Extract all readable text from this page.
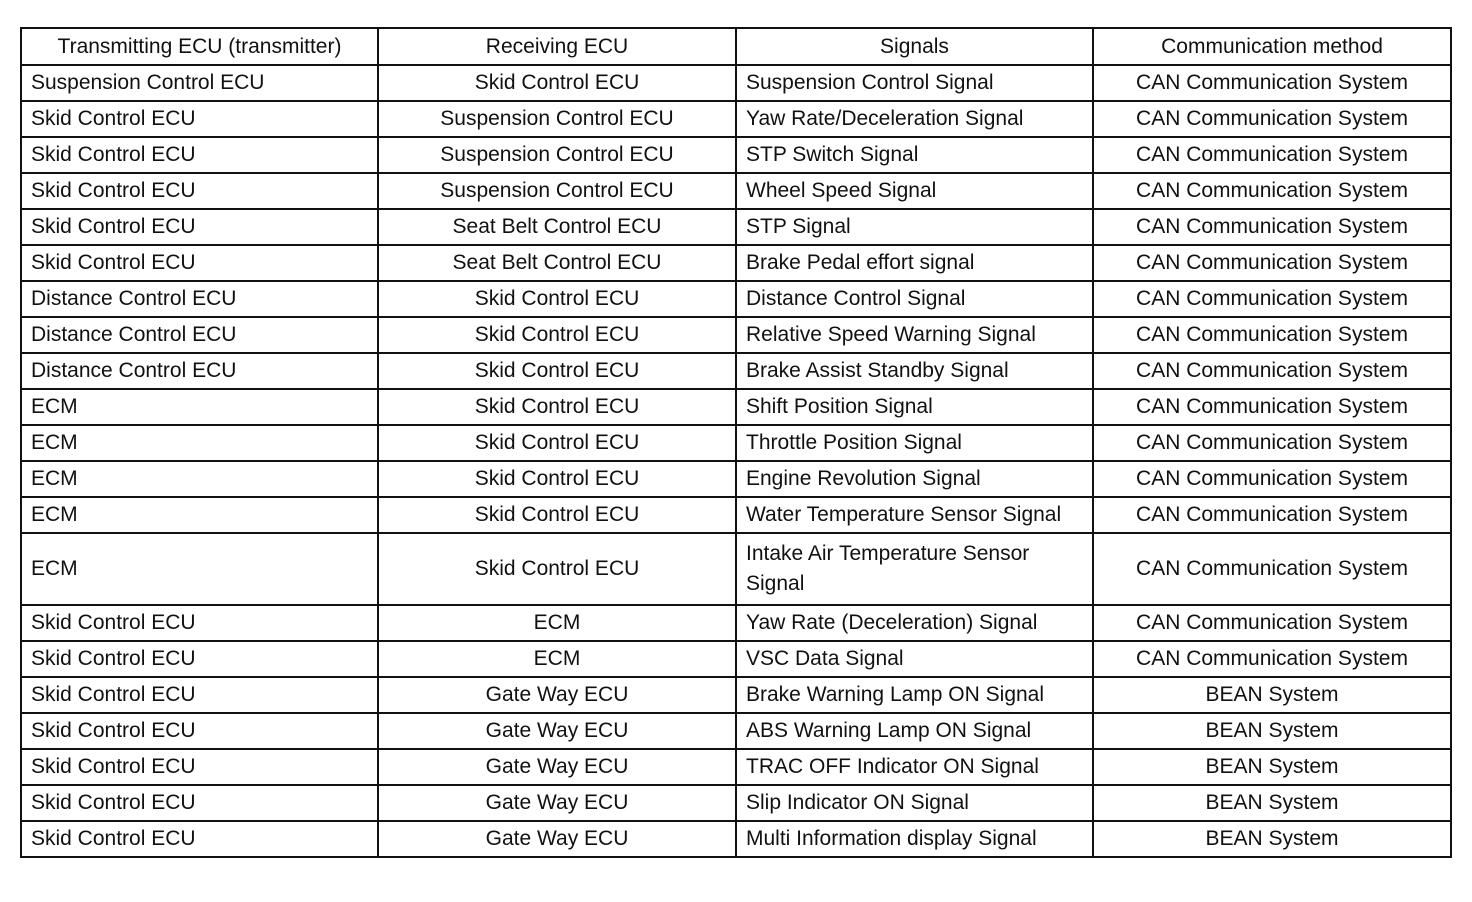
Transmitting ECU (transmitter)	Receiving ECU	Signals	Communication method
Suspension Control ECU	Skid Control ECU	Suspension Control Signal	CAN Communication System
Skid Control ECU	Suspension Control ECU	Yaw Rate/Deceleration Signal	CAN Communication System
Skid Control ECU	Suspension Control ECU	STP Switch Signal	CAN Communication System
Skid Control ECU	Suspension Control ECU	Wheel Speed Signal	CAN Communication System
Skid Control ECU	Seat Belt Control ECU	STP Signal	CAN Communication System
Skid Control ECU	Seat Belt Control ECU	Brake Pedal effort signal	CAN Communication System
Distance Control ECU	Skid Control ECU	Distance Control Signal	CAN Communication System
Distance Control ECU	Skid Control ECU	Relative Speed Warning Signal	CAN Communication System
Distance Control ECU	Skid Control ECU	Brake Assist Standby Signal	CAN Communication System
ECM	Skid Control ECU	Shift Position Signal	CAN Communication System
ECM	Skid Control ECU	Throttle Position Signal	CAN Communication System
ECM	Skid Control ECU	Engine Revolution Signal	CAN Communication System
ECM	Skid Control ECU	Water Temperature Sensor Signal	CAN Communication System
ECM	Skid Control ECU	Intake Air Temperature Sensor Signal	CAN Communication System
Skid Control ECU	ECM	Yaw Rate (Deceleration) Signal	CAN Communication System
Skid Control ECU	ECM	VSC Data Signal	CAN Communication System
Skid Control ECU	Gate Way ECU	Brake Warning Lamp ON Signal	BEAN System
Skid Control ECU	Gate Way ECU	ABS Warning Lamp ON Signal	BEAN System
Skid Control ECU	Gate Way ECU	TRAC OFF Indicator ON Signal	BEAN System
Skid Control ECU	Gate Way ECU	Slip Indicator ON Signal	BEAN System
Skid Control ECU	Gate Way ECU	Multi Information display Signal	BEAN System
